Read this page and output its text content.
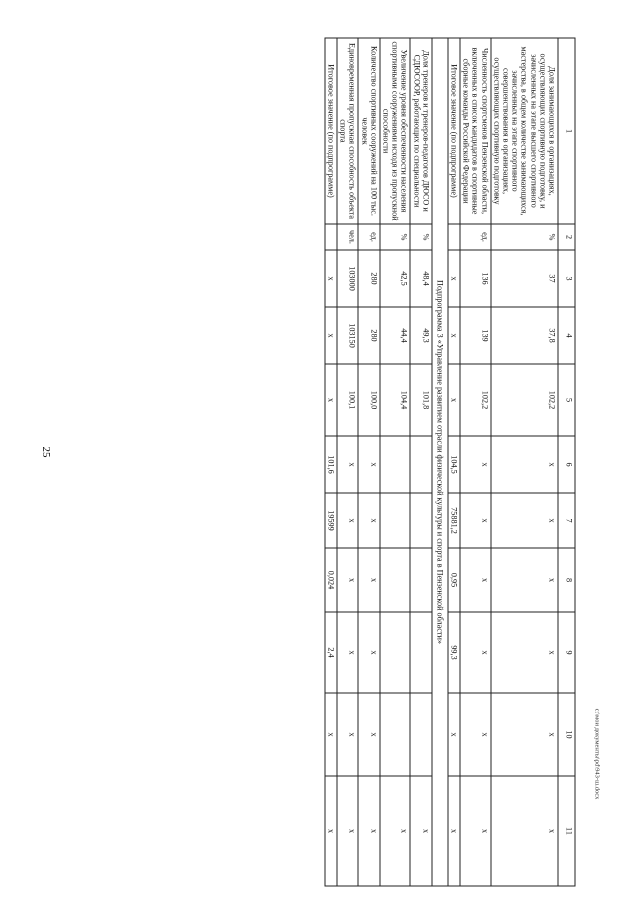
25
1	2	3	4	5	6	7	8	9	10	11
Доля занимающихся в организациях, осуществляющих спортивную подготовку, и зачисленных на этапе высшего спортивного мастерства, в общем количестве занимающихся, зачисленных на этапе спортивного совершенствования в организациях, осуществляющих спортивную подготовку	%	37	37,8	102,2	x	x	x	x	x	x
Численность спортсменов Пензенской области, включенных в список кандидатов в спортивные сборные команды Российской Федерации	ед.	136	139	102,2	x	x	x	x	x	x
Итоговое значение (по подпрограмме)		x	x	x	104,5	75881,2	0,95	99,3	x	x
Подпрограмма 3 «Управление развитием отрасли физической культуры и спорта в Пензенской области»										
Доля тренеров и тренеров-педагогов ДЮСО и СДЮСООР, работающих по специальности	%	48,4	49,3	101,8						x
Увеличение уровня обеспеченности населения спортивными сооружениями исходя из пропускной способности	%	42,5	44,4	104,4						x
Количество спортивных сооружений на 100 тыс. человек	ед.	280	280	100,0	x	x	x	x	x	x
Единовременная пропускная способность объекта спорта	чел.	103000	103150	100,1	x	x	x	x	x	x
Итоговое значение (по подпрограмме)		x	x	x	101,6	19599	0,024	2,4	x	x
c:\мои документы\pd\943-ш.docx
